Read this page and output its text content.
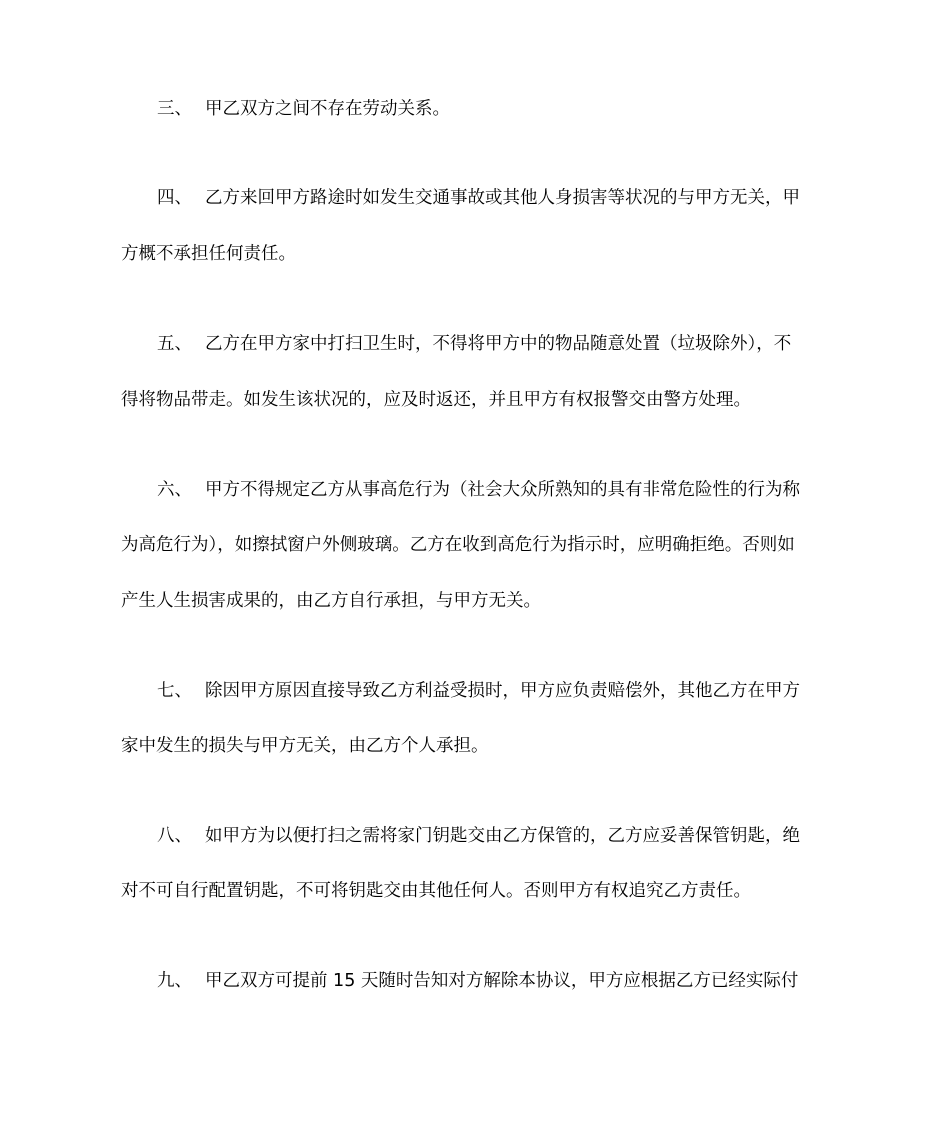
三、 甲乙双方之间不存在劳动关系。
四、 乙方来回甲方路途时如发生交通事故或其他人身损害等状况的与甲方无关，甲
方概不承担任何责任。
五、 乙方在甲方家中打扫卫生时，不得将甲方中的物品随意处置（垃圾除外），不
得将物品带走。如发生该状况的，应及时返还，并且甲方有权报警交由警方处理。
六、 甲方不得规定乙方从事高危行为（社会大众所熟知的具有非常危险性的行为称
为高危行为），如擦拭窗户外侧玻璃。乙方在收到高危行为指示时，应明确拒绝。否则如
产生人生损害成果的，由乙方自行承担，与甲方无关。
七、 除因甲方原因直接导致乙方利益受损时，甲方应负责赔偿外，其他乙方在甲方
家中发生的损失与甲方无关，由乙方个人承担。
八、 如甲方为以便打扫之需将家门钥匙交由乙方保管的，乙方应妥善保管钥匙，绝
对不可自行配置钥匙，不可将钥匙交由其他任何人。否则甲方有权追究乙方责任。
九、 甲乙双方可提前 15 天随时告知对方解除本协议，甲方应根据乙方已经实际付
